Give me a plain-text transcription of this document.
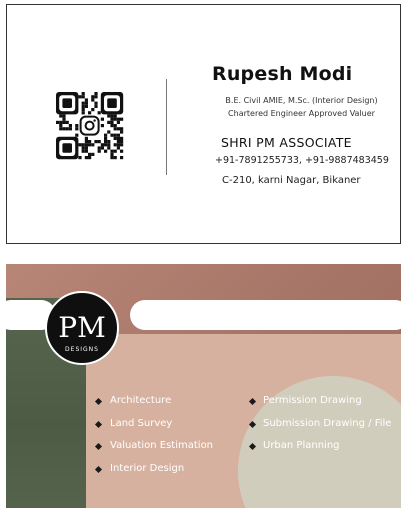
Rupesh Modi
B.E. Civil AMIE, M.Sc. (Interior Design)
Chartered Engineer Approved Valuer
SHRI PM ASSOCIATE
+91-7891255733, +91-9887483459
C-210, karni Nagar, Bikaner
PM
DESIGNS
Architecture
Land Survey
Valuation Estimation
Interior Design
Permission Drawing
Submission Drawing / File
Urban Planning
